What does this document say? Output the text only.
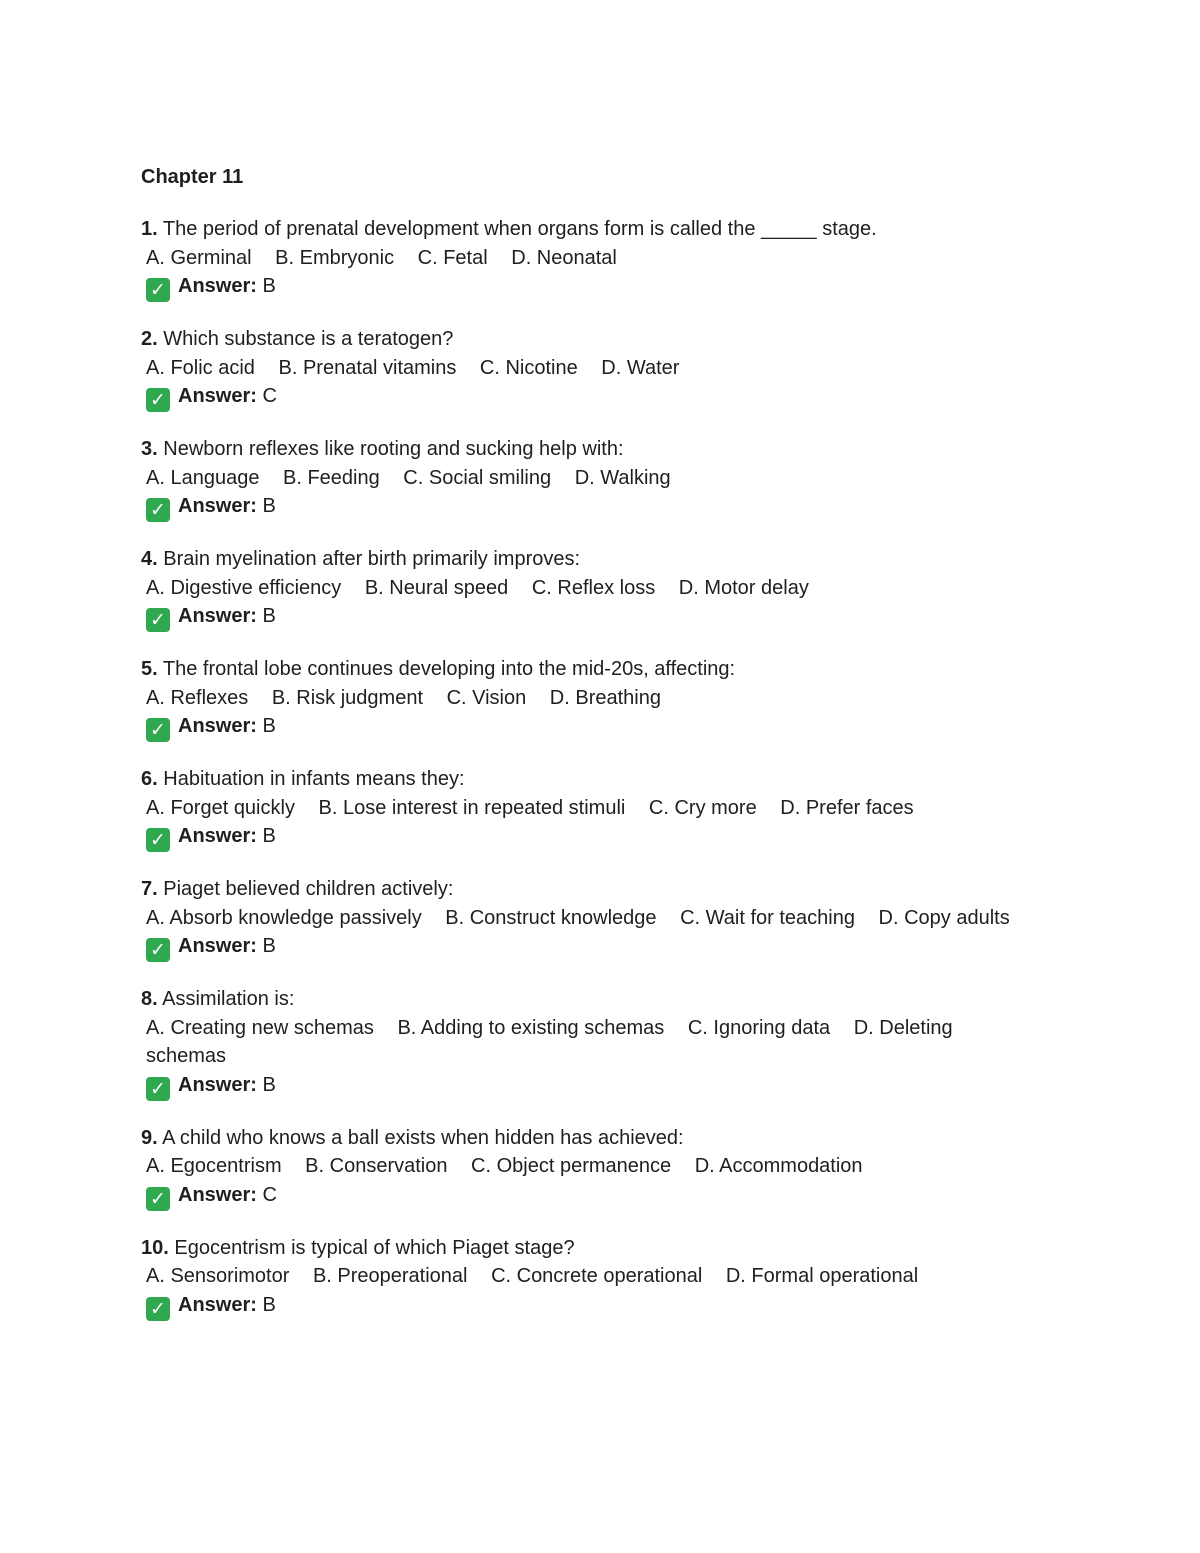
Chapter 11
1. The period of prenatal development when organs form is called the _____ stage.
A. Germinal B. Embryonic C. Fetal D. Neonatal
✓ Answer: B
2. Which substance is a teratogen?
A. Folic acid B. Prenatal vitamins C. Nicotine D. Water
✓ Answer: C
3. Newborn reflexes like rooting and sucking help with:
A. Language B. Feeding C. Social smiling D. Walking
✓ Answer: B
4. Brain myelination after birth primarily improves:
A. Digestive efficiency B. Neural speed C. Reflex loss D. Motor delay
✓ Answer: B
5. The frontal lobe continues developing into the mid-20s, affecting:
A. Reflexes B. Risk judgment C. Vision D. Breathing
✓ Answer: B
6. Habituation in infants means they:
A. Forget quickly B. Lose interest in repeated stimuli C. Cry more D. Prefer faces
✓ Answer: B
7. Piaget believed children actively:
A. Absorb knowledge passively B. Construct knowledge C. Wait for teaching D. Copy adults
✓ Answer: B
8. Assimilation is:
A. Creating new schemas B. Adding to existing schemas C. Ignoring data D. Deleting schemas
✓ Answer: B
9. A child who knows a ball exists when hidden has achieved:
A. Egocentrism B. Conservation C. Object permanence D. Accommodation
✓ Answer: C
10. Egocentrism is typical of which Piaget stage?
A. Sensorimotor B. Preoperational C. Concrete operational D. Formal operational
✓ Answer: B
